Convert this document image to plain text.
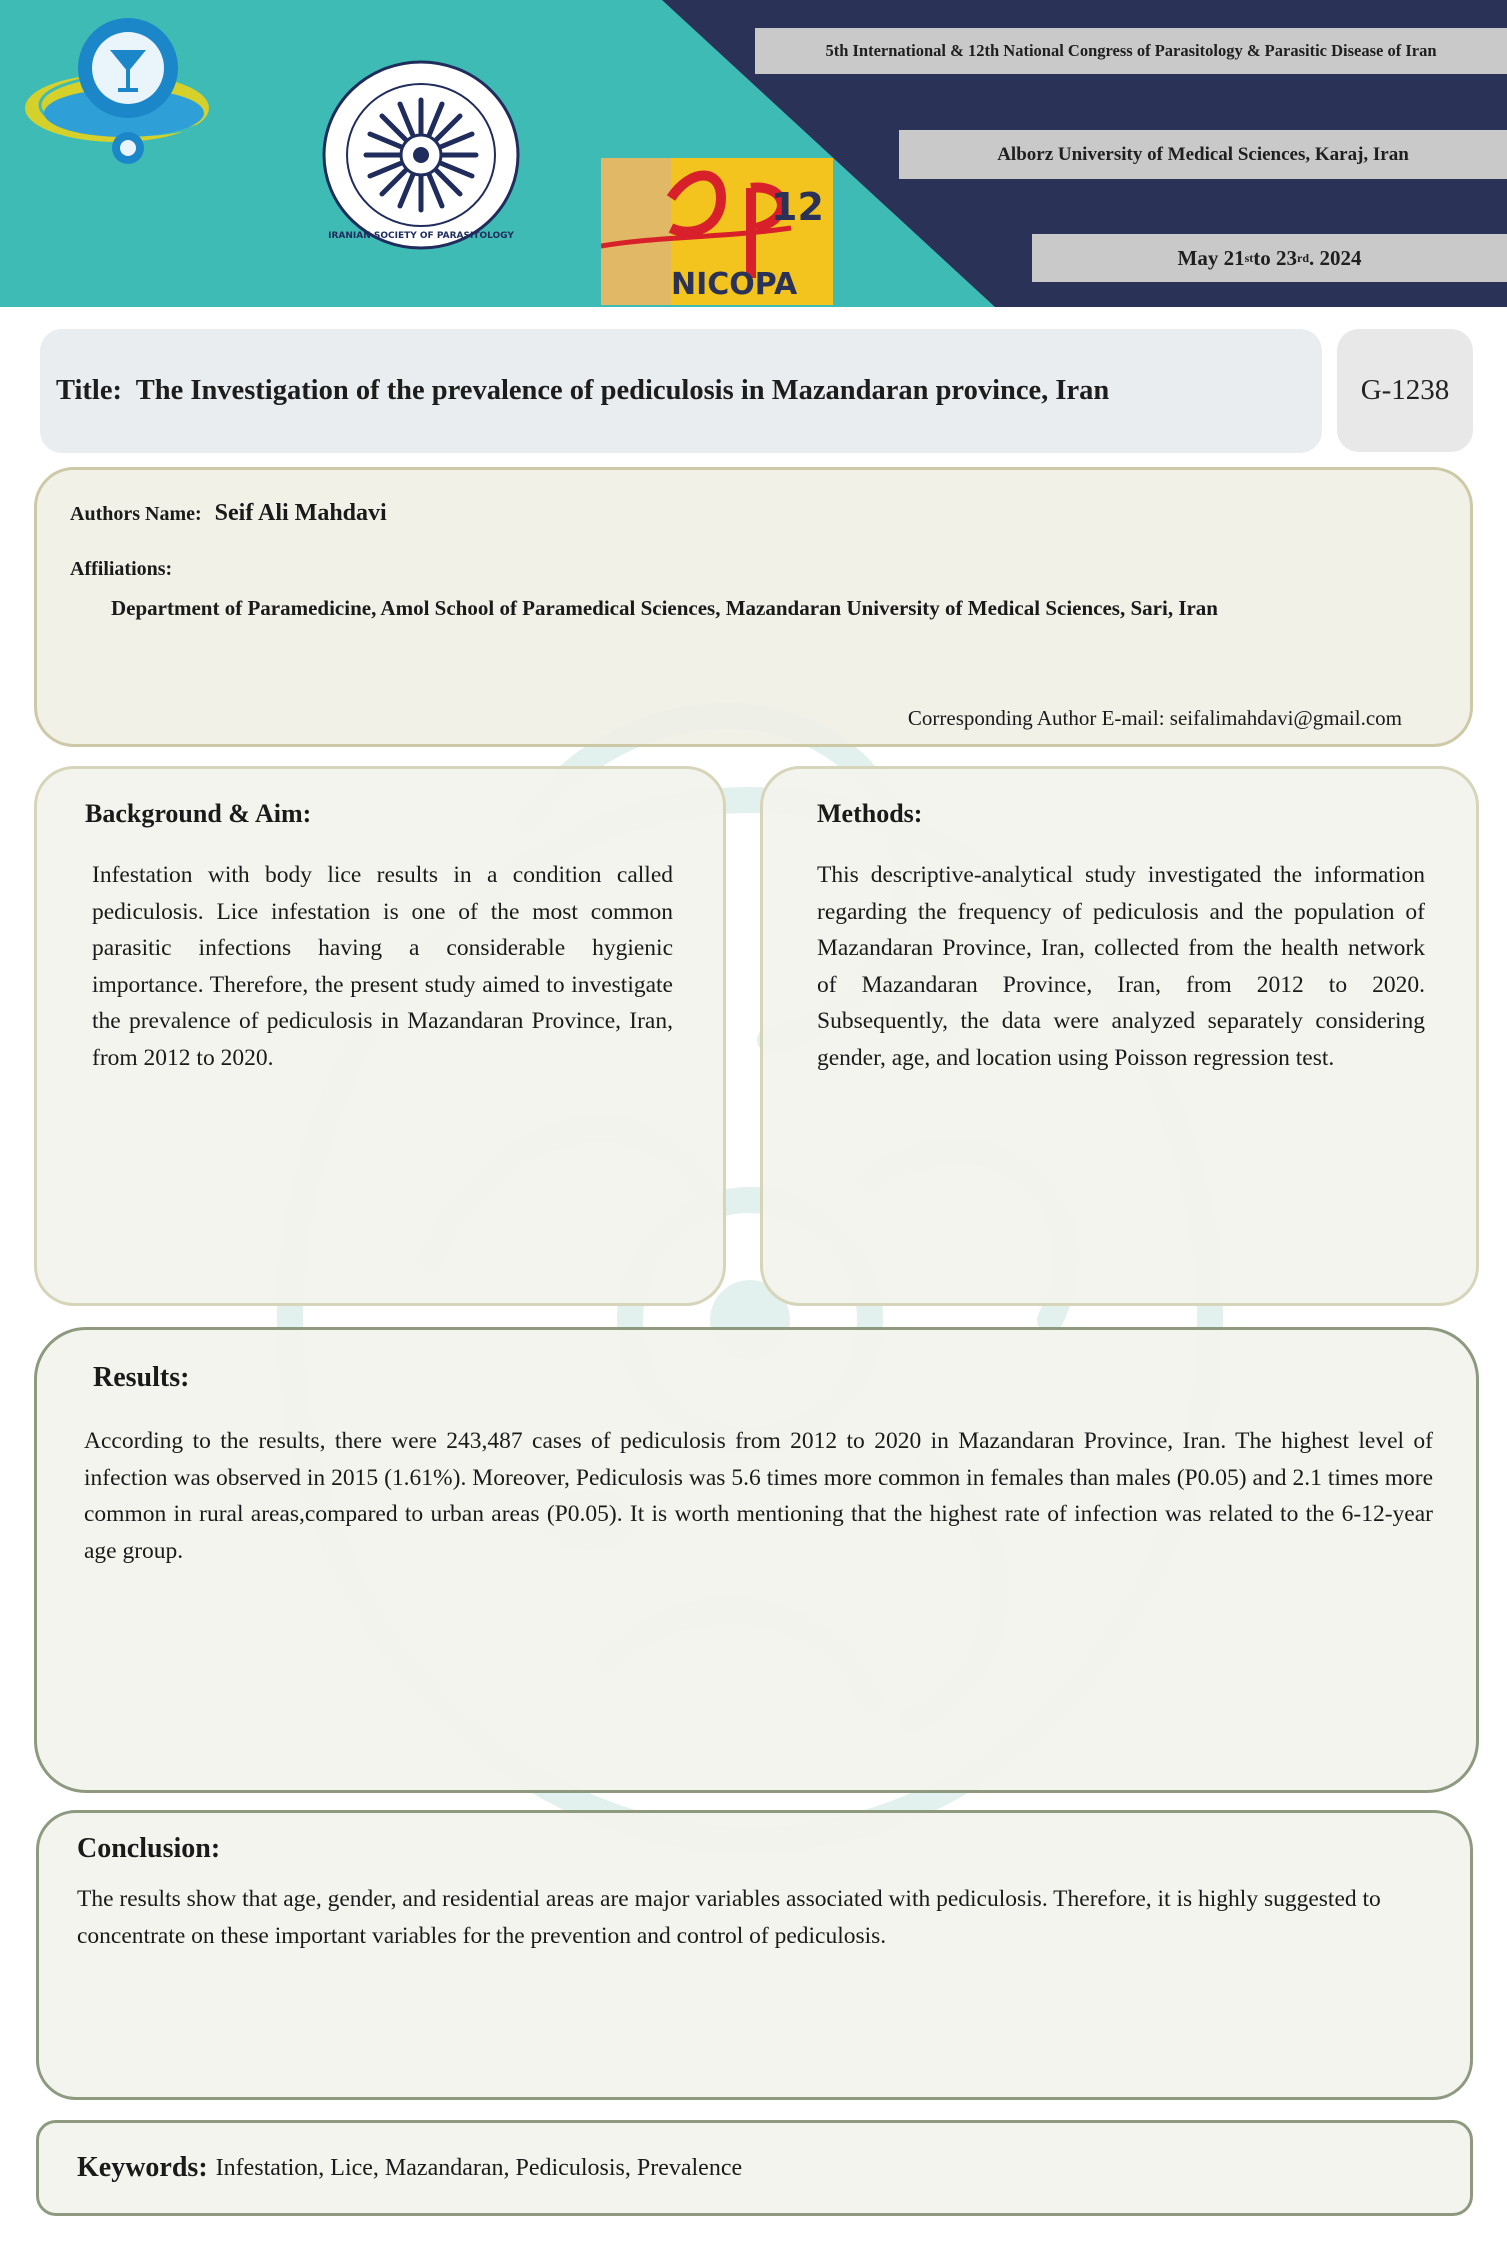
IRANIAN SOCIETY OF PARASITOLOGY
12
NICOPA
5th International & 12th National Congress of Parasitology & Parasitic Disease of Iran
Alborz University of Medical Sciences, Karaj, Iran
May 21 st to 23 rd . 2024
Title: The Investigation of the prevalence of pediculosis in Mazandaran province, Iran	G-1238
Authors Name: Seif Ali Mahdavi
Affiliations:
Department of Paramedicine, Amol School of Paramedical Sciences, Mazandaran University of Medical Sciences, Sari, Iran
Corresponding Author E-mail: seifalimahdavi@gmail.com
Background & Aim:
Infestation with body lice results in a condition called pediculosis. Lice infestation is one of the most common parasitic infections having a considerable hygienic importance. Therefore, the present study aimed to investigate the prevalence of pediculosis in Mazandaran Province, Iran, from 2012 to 2020.
Methods:
This descriptive-analytical study investigated the information regarding the frequency of pediculosis and the population of Mazandaran Province, Iran, collected from the health network of Mazandaran Province, Iran, from 2012 to 2020. Subsequently, the data were analyzed separately considering gender, age, and location using Poisson regression test.
Results:
According to the results, there were 243,487 cases of pediculosis from 2012 to 2020 in Mazandaran Province, Iran. The highest level of infection was observed in 2015 (1.61%). Moreover, Pediculosis was 5.6 times more common in females than males (P0.05) and 2.1 times more common in rural areas,compared to urban areas (P0.05). It is worth mentioning that the highest rate of infection was related to the 6-12-year age group.
Conclusion:
The results show that age, gender, and residential areas are major variables associated with pediculosis. Therefore, it is highly suggested to concentrate on these important variables for the prevention and control of pediculosis.
Keywords: Infestation, Lice, Mazandaran, Pediculosis, Prevalence
